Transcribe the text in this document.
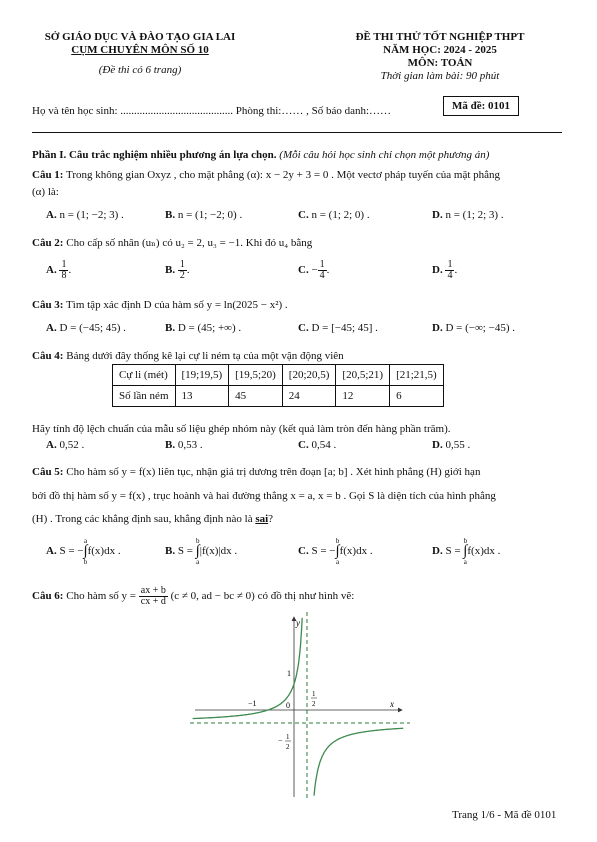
SỞ GIÁO DỤC VÀ ĐÀO TẠO GIA LAI
CỤM CHUYÊN MÔN SỐ 10
(Đề thi có 6 trang)
ĐỀ THI THỬ TỐT NGHIỆP THPT
NĂM HỌC: 2024 - 2025
MÔN: TOÁN
Thời gian làm bài: 90 phút
Họ và tên học sinh: ......................................... Phòng thi:…… , Số báo danh:……	Mã đề: 0101
Phần I. Câu trắc nghiệm nhiều phương án lựa chọn. (Mỗi câu hỏi học sinh chỉ chọn một phương án)
Câu 1: Trong không gian Oxyz , cho mặt phẳng (α): x − 2y + 3 = 0 . Một vectơ pháp tuyến của mặt phẳng
(α) là:
A. n = (1; −2; 3) .	B. n = (1; −2; 0) .	C. n = (1; 2; 0) .	D. n = (1; 2; 3) .
Câu 2: Cho cấp số nhân (uₙ) có u₂ = 2, u₃ = −1. Khi đó u₄ bằng
A. $\frac{1}{8}$ .	B. $\frac{1}{2}$ .	C. − $\frac{1}{4}$ .	D. $\frac{1}{4}$ .
Câu 3: Tìm tập xác định D của hàm số y = ln(2025 − x²) .
A. D = (−45; 45) .	B. D = (45; +∞) .	C. D = [−45; 45] .	D. D = (−∞; −45) .
Câu 4: Bảng dưới đây thống kê lại cự li ném tạ của một vận động viên
Cự li (mét)	[19;19,5)	[19,5;20)	[20;20,5)	[20,5;21)	[21;21,5)
Số lần ném	13	45	24	12	6
Hãy tính độ lệch chuẩn của mẫu số liệu ghép nhóm này (kết quả làm tròn đến hàng phần trăm).
A. 0,52 .	B. 0,53 .	C. 0,54 .	D. 0,55 .
Câu 5: Cho hàm số y = f(x) liên tục, nhận giá trị dương trên đoạn [a; b] . Xét hình phẳng (H) giới hạn
bởi đồ thị hàm số y = f(x) , trục hoành và hai đường thẳng x = a, x = b . Gọi S là diện tích của hình phẳng
(H) . Trong các khẳng định sau, khẳng định nào là sai?
A. S = −
a
∫
b
f(x)dx .	B. S =
b
∫
a
|f(x)|dx .	C. S = −
b
∫
a
f(x)dx .	D. S =
b
∫
a
f(x)dx .
Câu 6: Cho hàm số $y = \frac{ax + b}{cx + d} (c \ne 0$, ad − bc ≠ 0) có đồ thị như hình vẽ:
y
x
0
1
−1
1
2
− 1
2
Trang 1/6 - Mã đề 0101
